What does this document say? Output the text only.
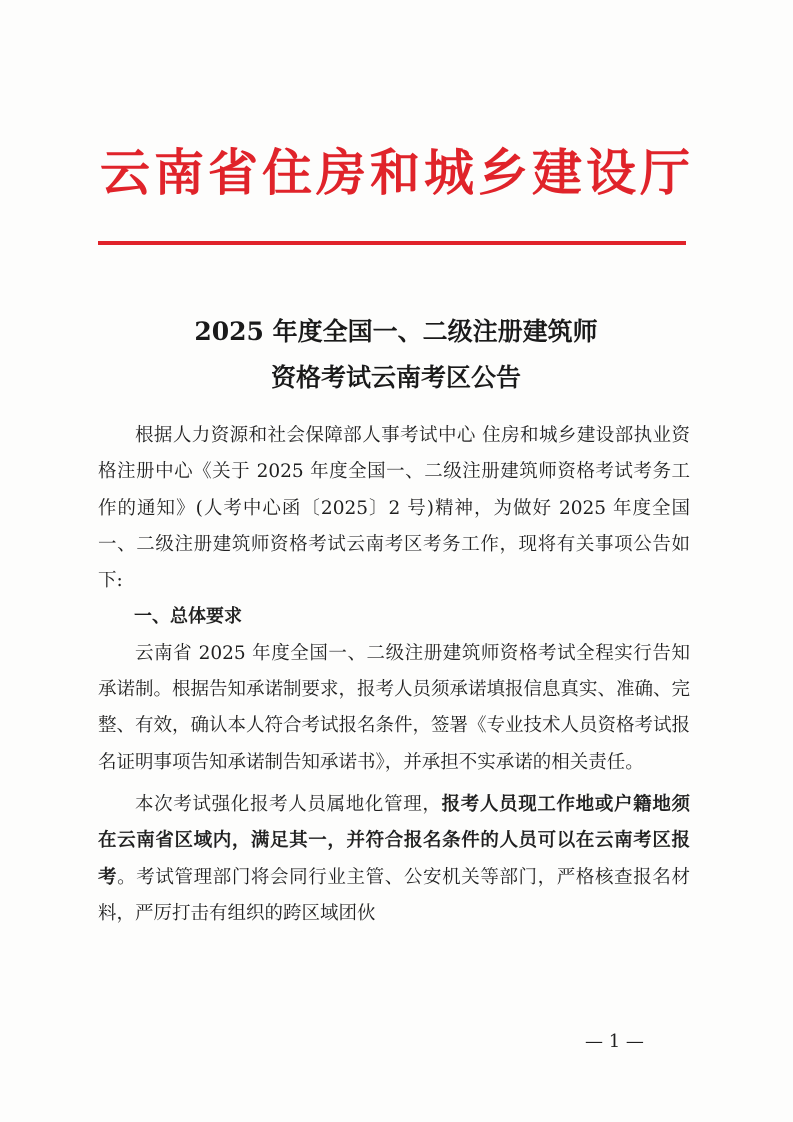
云南省住房和城乡建设厅
2025 年度全国一、二级注册建筑师
资格考试云南考区公告

根据人力资源和社会保障部人事考试中心 住房和城乡建设部执业资格注册中心《关于 2025 年度全国一、二级注册建筑师资格考试考务工作的通知》(人考中心函〔2025〕2 号)精神，为做好 2025 年度全国一、二级注册建筑师资格考试云南考区考务工作，现将有关事项公告如下:

一、总体要求

云南省 2025 年度全国一、二级注册建筑师资格考试全程实行告知承诺制。根据告知承诺制要求，报考人员须承诺填报信息真实、准确、完整、有效，确认本人符合考试报名条件，签署《专业技术人员资格考试报名证明事项告知承诺制告知承诺书》，并承担不实承诺的相关责任。

本次考试强化报考人员属地化管理，报考人员现工作地或户籍地须在云南省区域内，满足其一，并符合报名条件的人员可以在云南考区报考。考试管理部门将会同行业主管、公安机关等部门，严格核查报名材料，严厉打击有组织的跨区域团伙

— 1 —
